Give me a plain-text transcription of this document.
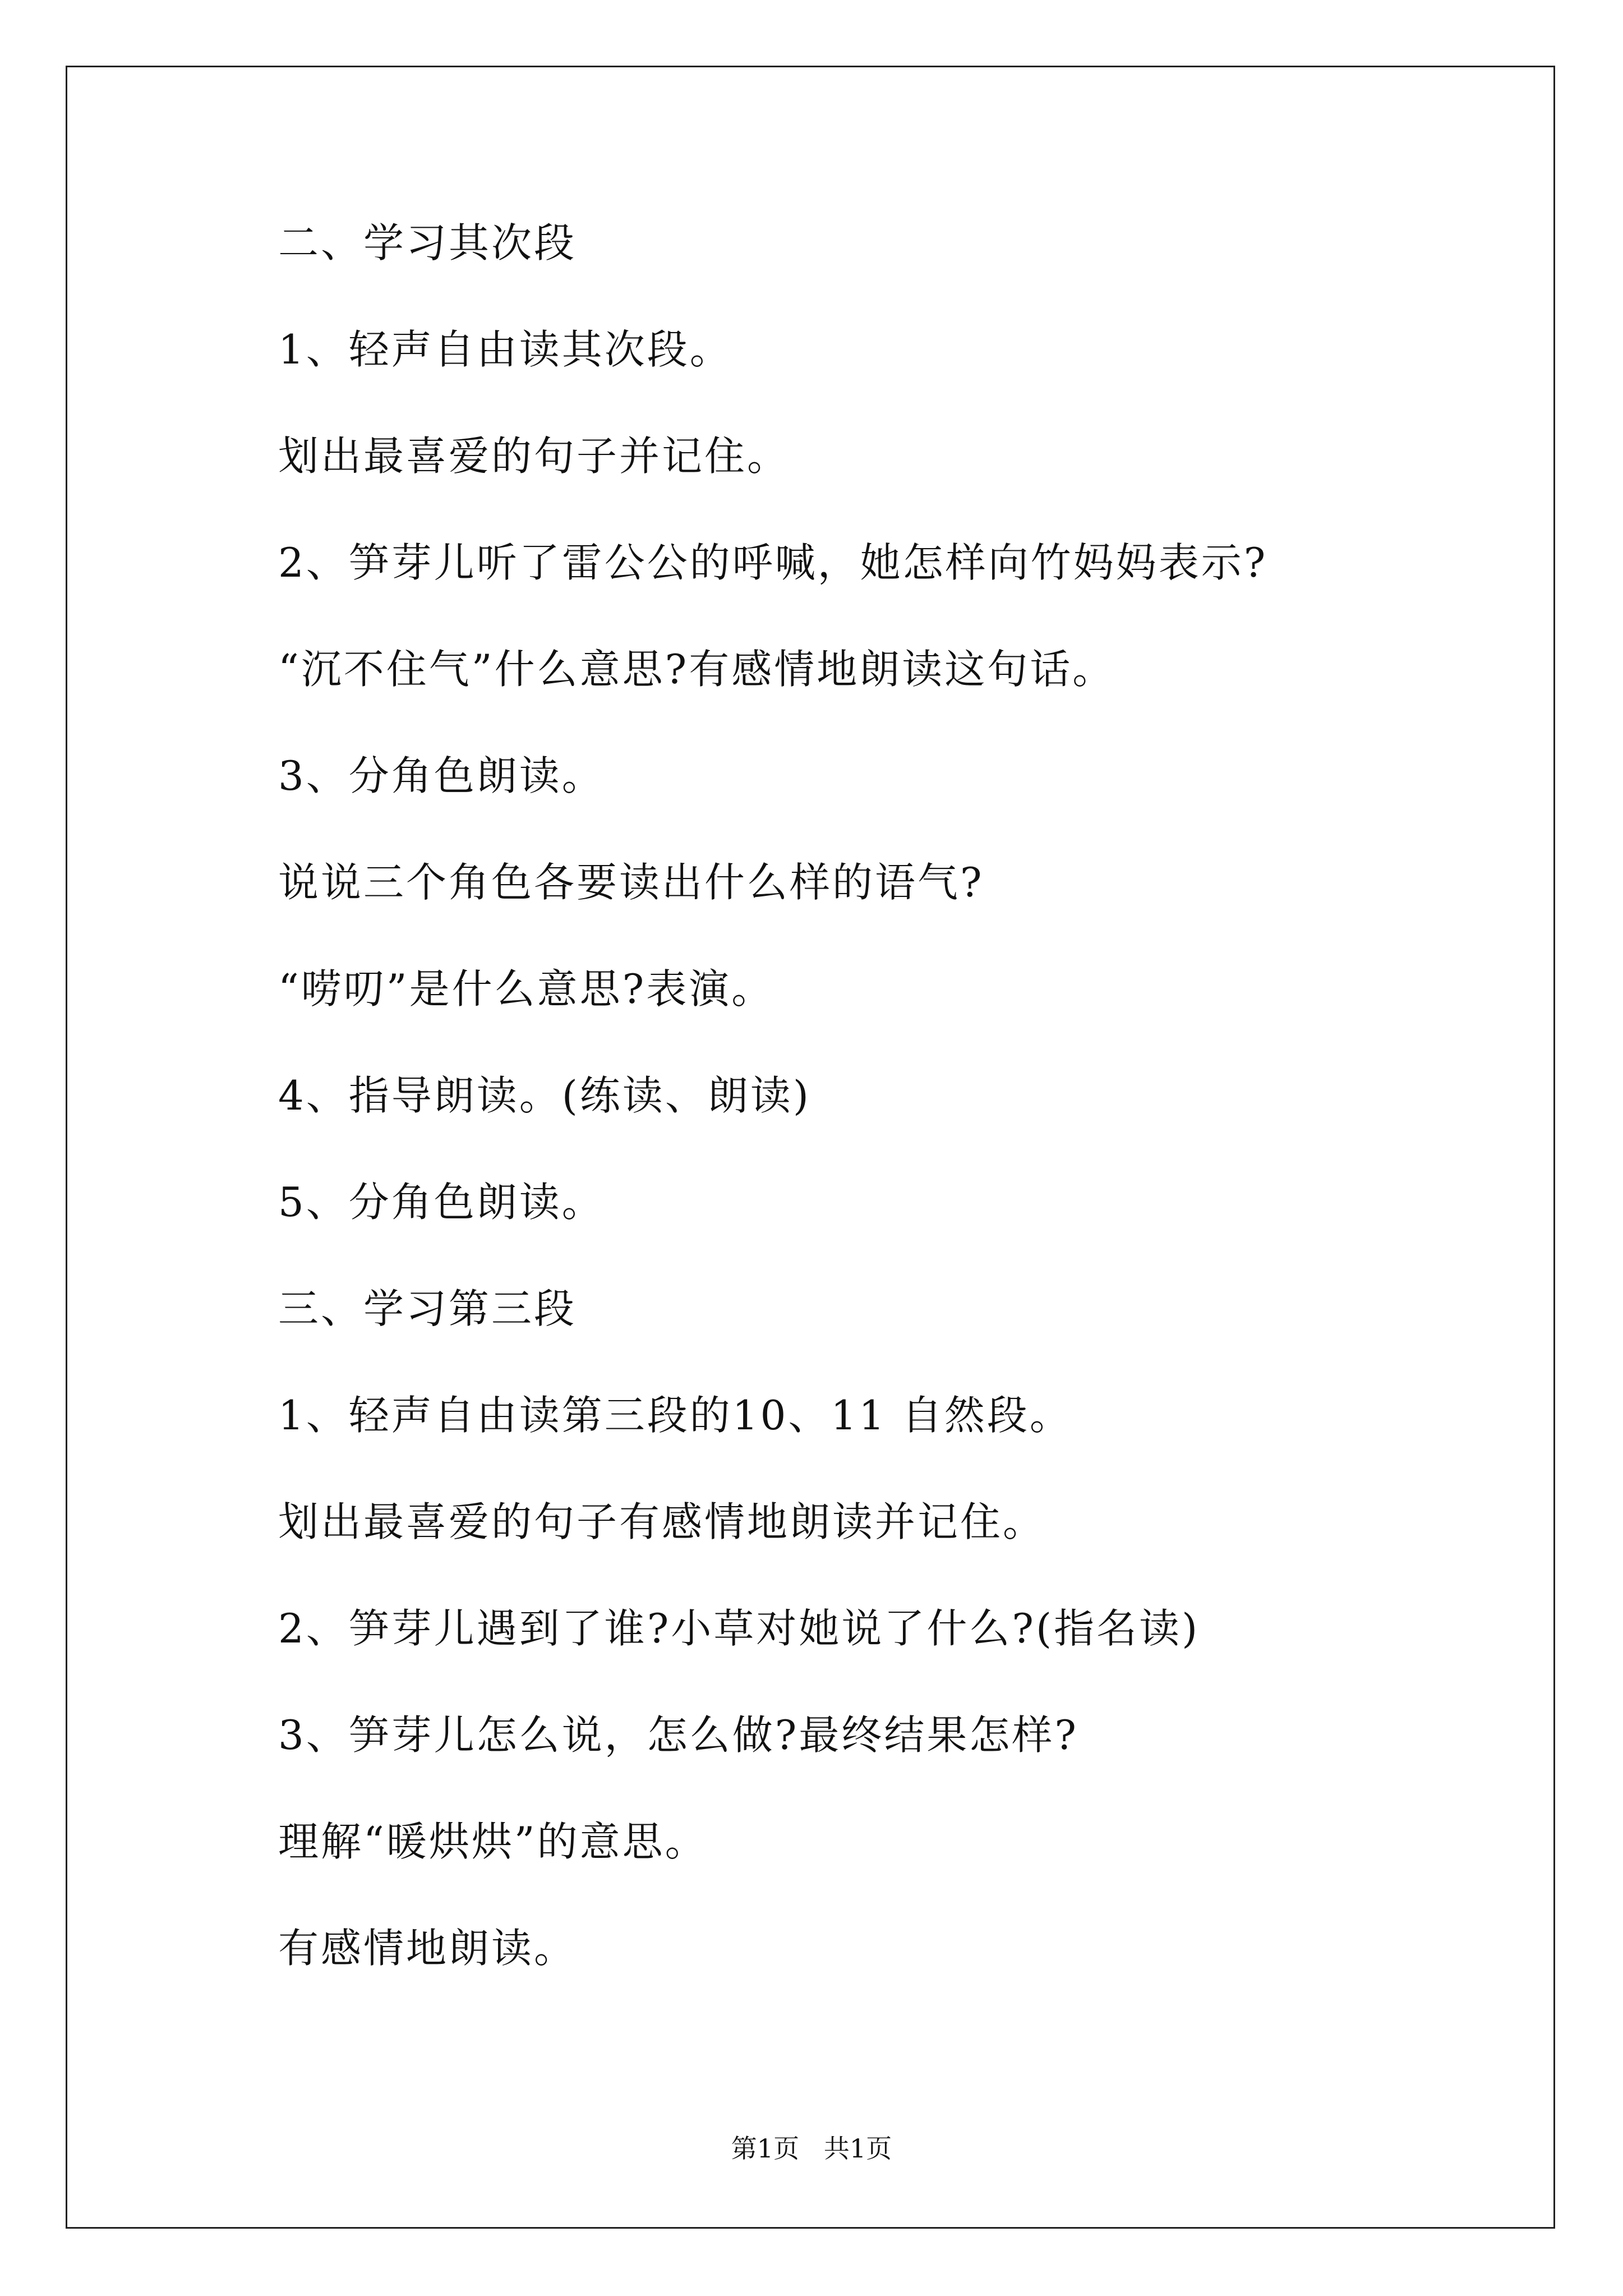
二、学习其次段
1、轻声自由读其次段。
划出最喜爱的句子并记住。
2、笋芽儿听了雷公公的呼喊，她怎样向竹妈妈表示?
“沉不住气”什么意思?有感情地朗读这句话。
3、分角色朗读。
说说三个角色各要读出什么样的语气?
“唠叨”是什么意思?表演。
4、指导朗读。(练读、朗读)
5、分角色朗读。
三、学习第三段
1、轻声自由读第三段的10、11 自然段。
划出最喜爱的句子有感情地朗读并记住。
2、笋芽儿遇到了谁?小草对她说了什么?(指名读)
3、笋芽儿怎么说，怎么做?最终结果怎样?
理解“暖烘烘”的意思。
有感情地朗读。
第1页   共1页
